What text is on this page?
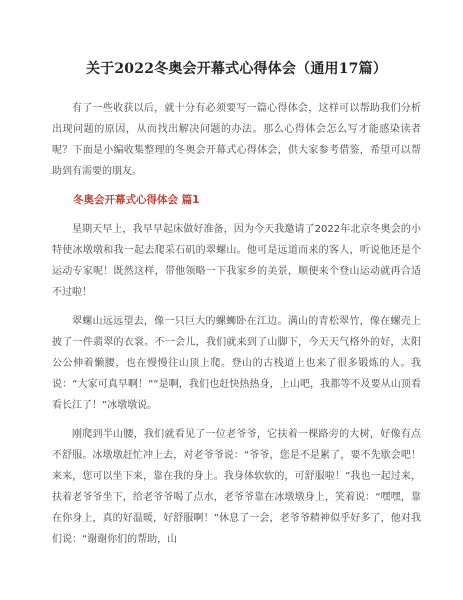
关于2022冬奥会开幕式心得体会（通用17篇）

有了一些收获以后，就十分有必须要写一篇心得体会，这样可以帮助我们分析出现问题的原因，从而找出解决问题的办法。那么心得体会怎么写才能感染读者呢？下面是小编收集整理的冬奥会开幕式心得体会，供大家参考借鉴，希望可以帮助到有需要的朋友。

冬奥会开幕式心得体会 篇1

星期天早上，我早早起床做好准备，因为今天我邀请了2022年北京冬奥会的小特使冰墩墩和我一起去爬采石矶的翠螺山。他可是远道而来的客人，听说他还是个运动专家呢！既然这样，带他领略一下我家乡的美景，顺便来个登山运动就再合适不过啦！

翠螺山远远望去，像一只巨大的螺蛳卧在江边。满山的青松翠竹，像在螺壳上披了一件翡翠的衣裳。不一会儿，我们就来到了山脚下，今天天气格外的好，太阳公公伸着懒腰，也在慢慢往山顶上爬。登山的古栈道上也来了很多锻炼的人。我说：“大家可真早啊！”“是啊，我们也赶快热热身，上山吧，我都等不及要从山顶看看长江了！”冰墩墩说。

刚爬到半山腰，我们就看见了一位老爷爷，它扶着一棵路旁的大树，好像有点不舒服。冰墩墩赶忙冲上去，对老爷爷说：“爷爷，您是不是累了，要不先歇会吧！来来，您可以坐下来，靠在我的身上。我身体软软的，可舒服啦！”我也一起过来，扶着老爷爷坐下，给老爷爷喝了点水，老爷爷靠在冰墩墩身上，笑着说：“嘿嘿，靠在你身上，真的好温暖，好舒服啊！”休息了一会，老爷爷精神似乎好多了，他对我们说：“谢谢你们的帮助，山
